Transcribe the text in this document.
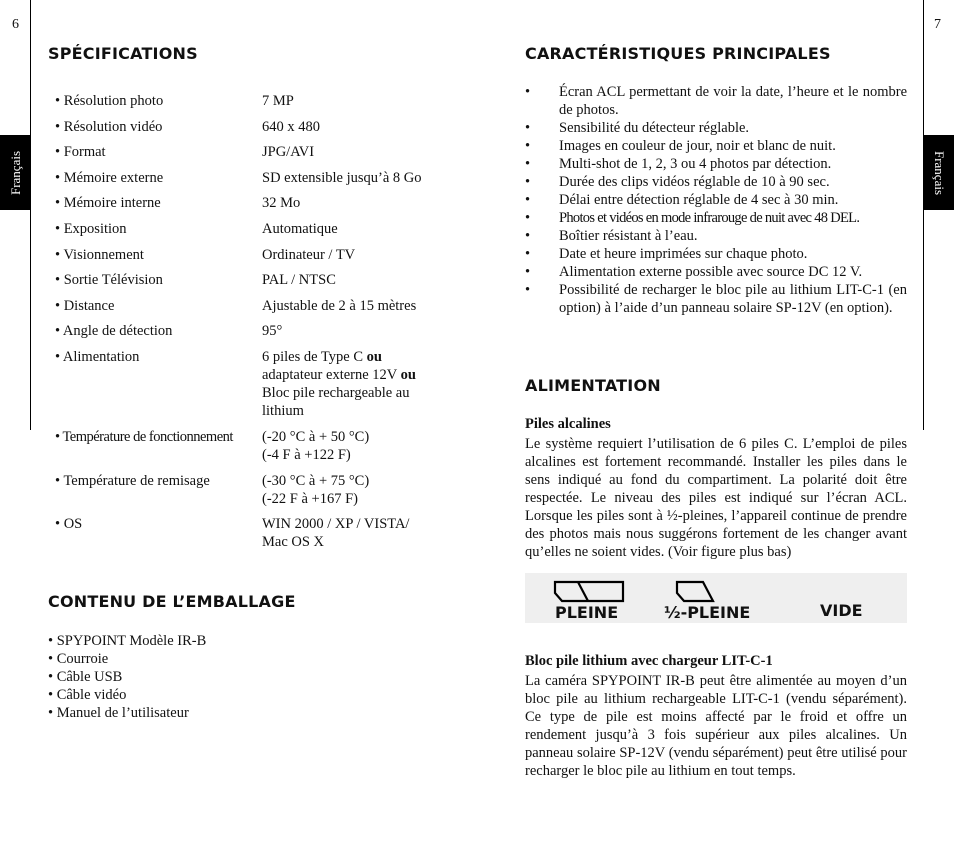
6	7
Français	Français
SPÉCIFICATIONS
• Résolution photo	7 MP
• Résolution vidéo	640 x 480
• Format	JPG/AVI
• Mémoire externe	SD extensible jusqu’à 8 Go
• Mémoire interne	32 Mo
• Exposition	Automatique
• Visionnement	Ordinateur / TV
• Sortie Télévision	PAL / NTSC
• Distance	Ajustable de 2 à 15 mètres
• Angle de détection	95°
• Alimentation	6 piles de Type C ou
adaptateur externe 12V ou
Bloc pile rechargeable au
lithium
• Température de fonctionnement	(-20 °C à + 50 °C)
(-4 F à +122 F)
• Température de remisage	(-30 °C à + 75 °C)
(-22 F à +167 F)
• OS	WIN 2000 / XP / VISTA/
Mac OS X
CONTENU DE L’EMBALLAGE
• SPYPOINT Modèle IR-B
• Courroie
• Câble USB
• Câble vidéo
• Manuel de l’utilisateur
CARACTÉRISTIQUES PRINCIPALES
•	Écran ACL permettant de voir la date, l’heure et le nombre de photos.
•	Sensibilité du détecteur réglable.
•	Images en couleur de jour, noir et blanc de nuit.
•	Multi-shot de 1, 2, 3 ou 4 photos par détection.
•	Durée des clips vidéos réglable de 10 à 90 sec.
•	Délai entre détection réglable de 4 sec à 30 min.
•	Photos et vidéos en mode infrarouge de nuit avec 48 DEL.
•	Boîtier résistant à l’eau.
•	Date et heure imprimées sur chaque photo.
•	Alimentation externe possible avec source DC 12 V.
•	Possibilité de recharger le bloc pile au lithium LIT-C-1 (en option) à l’aide d’un panneau solaire SP-12V (en option).
ALIMENTATION

Piles alcalines

Le système requiert l’utilisation de 6 piles C. L’emploi de piles alcalines est fortement recommandé. Installer les piles dans le sens indiqué au fond du compartiment. La polarité doit être respectée. Le niveau des piles est indiqué sur l’écran ACL. Lorsque les piles sont à ½-pleines, l’appareil continue de prendre des photos mais nous suggérons fortement de les changer avant qu’elles ne soient vides. (Voir figure plus bas)

PLEINE	½-PLEINE	VIDE

Bloc pile lithium avec chargeur LIT-C-1

La caméra SPYPOINT IR-B peut être alimentée au moyen d’un bloc pile au lithium rechargeable LIT-C-1 (vendu séparément). Ce type de pile est moins affecté par le froid et offre un rendement jusqu’à 3 fois supérieur aux piles alcalines. Un panneau solaire SP-12V (vendu séparément) peut être utilisé pour recharger le bloc pile au lithium en tout temps.
